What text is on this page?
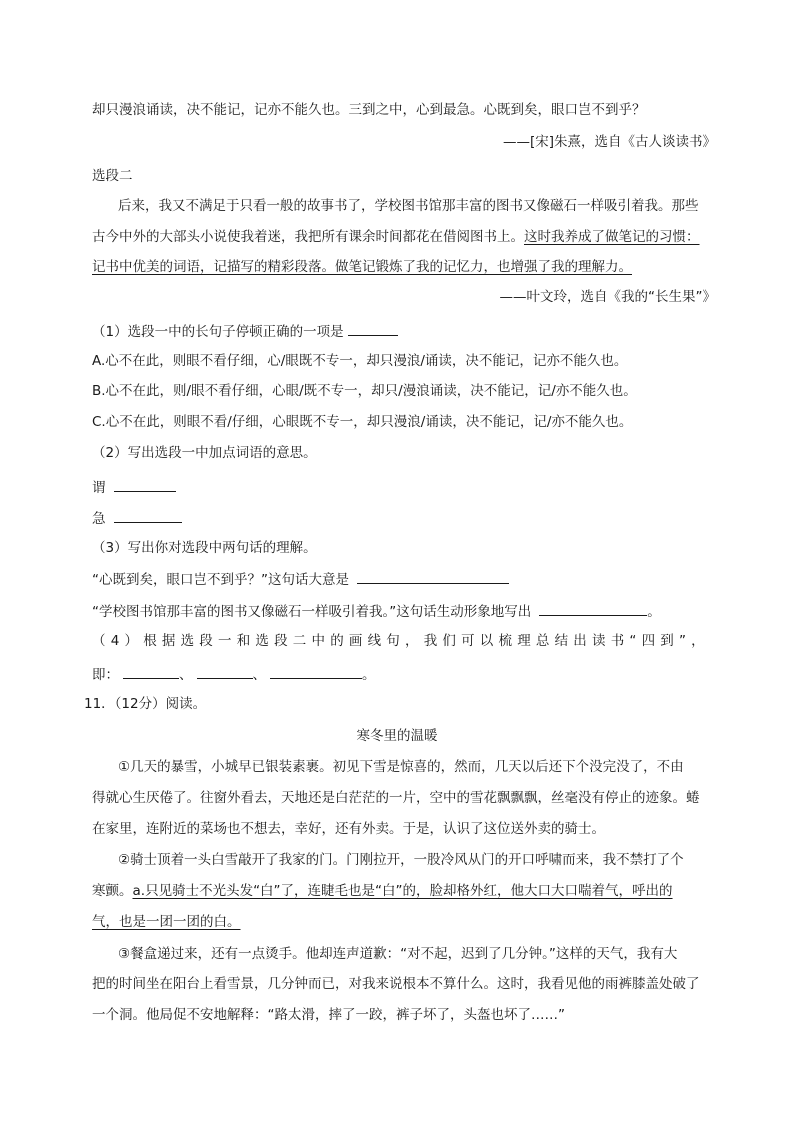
却只漫浪诵读，决不能记，记亦不能久也。三到之中，心到最急。心既到矣，眼口岂不到乎？
——[宋]朱熹，选自《古人谈读书》
选段二
后来，我又不满足于只看一般的故事书了，学校图书馆那丰富的图书又像磁石一样吸引着我。那些
古今中外的大部头小说使我着迷，我把所有课余时间都花在借阅图书上。这时我养成了做笔记的习惯：
记书中优美的词语，记描写的精彩段落。做笔记锻炼了我的记忆力，也增强了我的理解力。
——叶文玲，选自《我的“长生果”》
（1）选段一中的长句子停顿正确的一项是
A.心不在此，则眼不看仔细，心/眼既不专一，却只漫浪/诵读，决不能记，记亦不能久也。
B.心不在此，则/眼不看仔细，心眼/既不专一，却只/漫浪诵读，决不能记，记/亦不能久也。
C.心不在此，则眼不看/仔细，心眼既不专一，却只漫浪/诵读，决不能记，记/亦不能久也。
（2）写出选段一中加点词语的意思。
谓
急
（3）写出你对选段中两句话的理解。
“心既到矣，眼口岂不到乎？”这句话大意是
“学校图书馆那丰富的图书又像磁石一样吸引着我。”这句话生动形象地写出	。
（4）根据选段一和选段二中的画线句，我们可以梳理总结出读书“四到”，
即：	、	、	。
11．（12分）阅读。
寒冬里的温暖
①几天的暴雪，小城早已银装素裹。初见下雪是惊喜的，然而，几天以后还下个没完没了，不由
得就心生厌倦了。往窗外看去，天地还是白茫茫的一片，空中的雪花飘飘飘，丝毫没有停止的迹象。蜷
在家里，连附近的菜场也不想去，幸好，还有外卖。于是，认识了这位送外卖的骑士。
②骑士顶着一头白雪敲开了我家的门。门刚拉开，一股冷风从门的开口呼啸而来，我不禁打了个
寒颤。a.只见骑士不光头发“白”了，连睫毛也是“白”的，脸却格外红，他大口大口喘着气，呼出的
气，也是一团一团的白。
③餐盒递过来，还有一点烫手。他却连声道歉：“对不起，迟到了几分钟。”这样的天气，我有大
把的时间坐在阳台上看雪景，几分钟而已，对我来说根本不算什么。这时，我看见他的雨裤膝盖处破了
一个洞。他局促不安地解释：“路太滑，摔了一跤，裤子坏了，头盔也坏了……”
